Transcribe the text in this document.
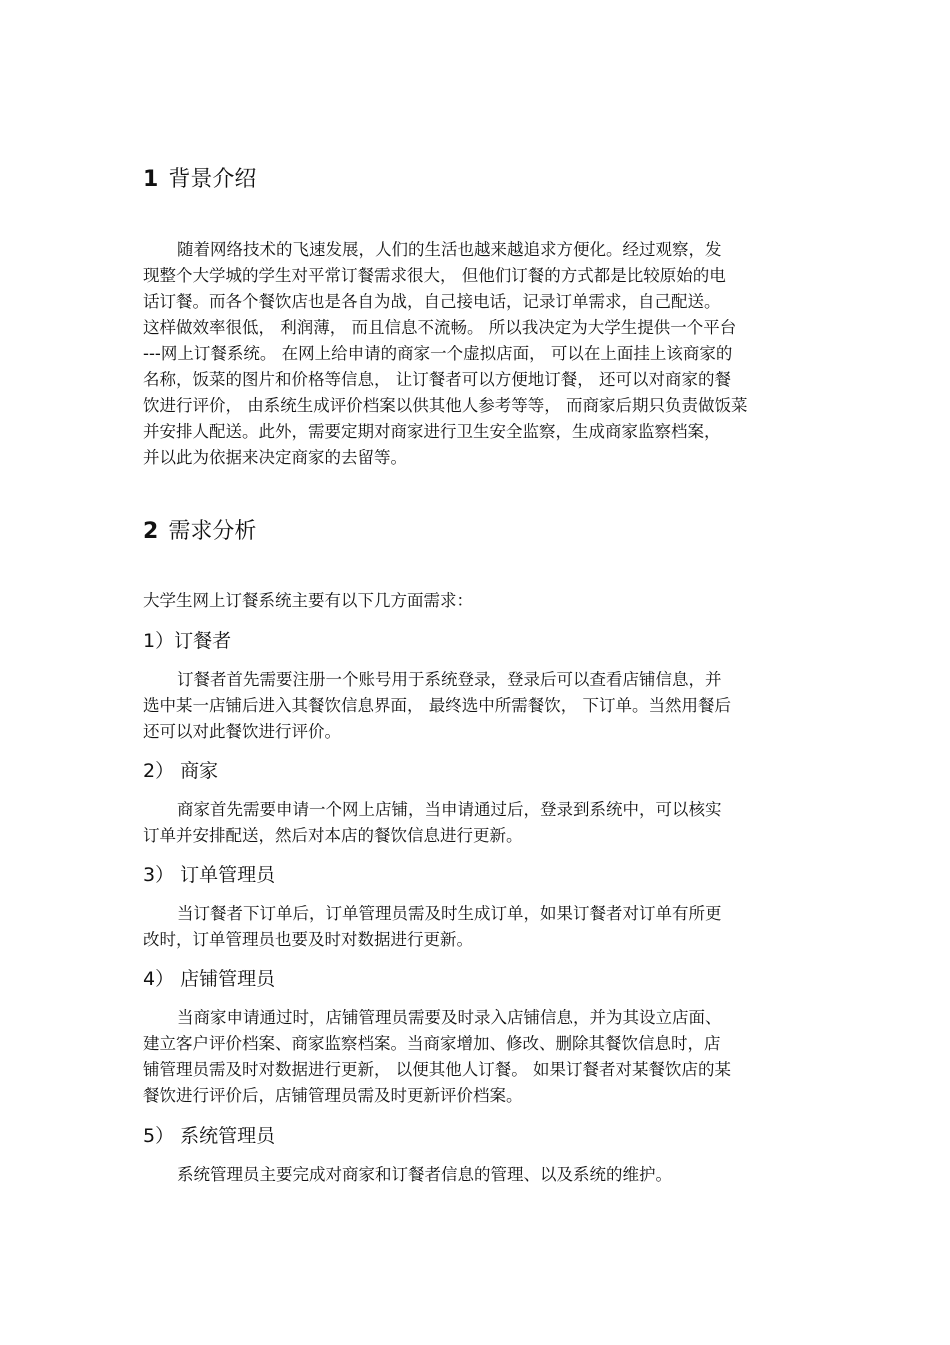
1 背景介绍
随着网络技术的飞速发展，人们的生活也越来越追求方便化。经过观察，发
现整个大学城的学生对平常订餐需求很大， 但他们订餐的方式都是比较原始的电
话订餐。而各个餐饮店也是各自为战，自己接电话，记录订单需求，自己配送。
这样做效率很低， 利润薄， 而且信息不流畅。 所以我决定为大学生提供一个平台
---网上订餐系统。 在网上给申请的商家一个虚拟店面， 可以在上面挂上该商家的
名称，饭菜的图片和价格等信息， 让订餐者可以方便地订餐， 还可以对商家的餐
饮进行评价， 由系统生成评价档案以供其他人参考等等， 而商家后期只负责做饭菜
并安排人配送。此外，需要定期对商家进行卫生安全监察，生成商家监察档案，
并以此为依据来决定商家的去留等。
2 需求分析
大学生网上订餐系统主要有以下几方面需求：
1）订餐者
订餐者首先需要注册一个账号用于系统登录，登录后可以查看店铺信息，并
选中某一店铺后进入其餐饮信息界面， 最终选中所需餐饮， 下订单。当然用餐后
还可以对此餐饮进行评价。
2） 商家
商家首先需要申请一个网上店铺，当申请通过后，登录到系统中，可以核实
订单并安排配送，然后对本店的餐饮信息进行更新。
3） 订单管理员
当订餐者下订单后，订单管理员需及时生成订单，如果订餐者对订单有所更
改时，订单管理员也要及时对数据进行更新。
4） 店铺管理员
当商家申请通过时，店铺管理员需要及时录入店铺信息，并为其设立店面、
建立客户评价档案、商家监察档案。当商家增加、修改、删除其餐饮信息时，店
铺管理员需及时对数据进行更新， 以便其他人订餐。 如果订餐者对某餐饮店的某
餐饮进行评价后，店铺管理员需及时更新评价档案。
5） 系统管理员
系统管理员主要完成对商家和订餐者信息的管理、以及系统的维护。
